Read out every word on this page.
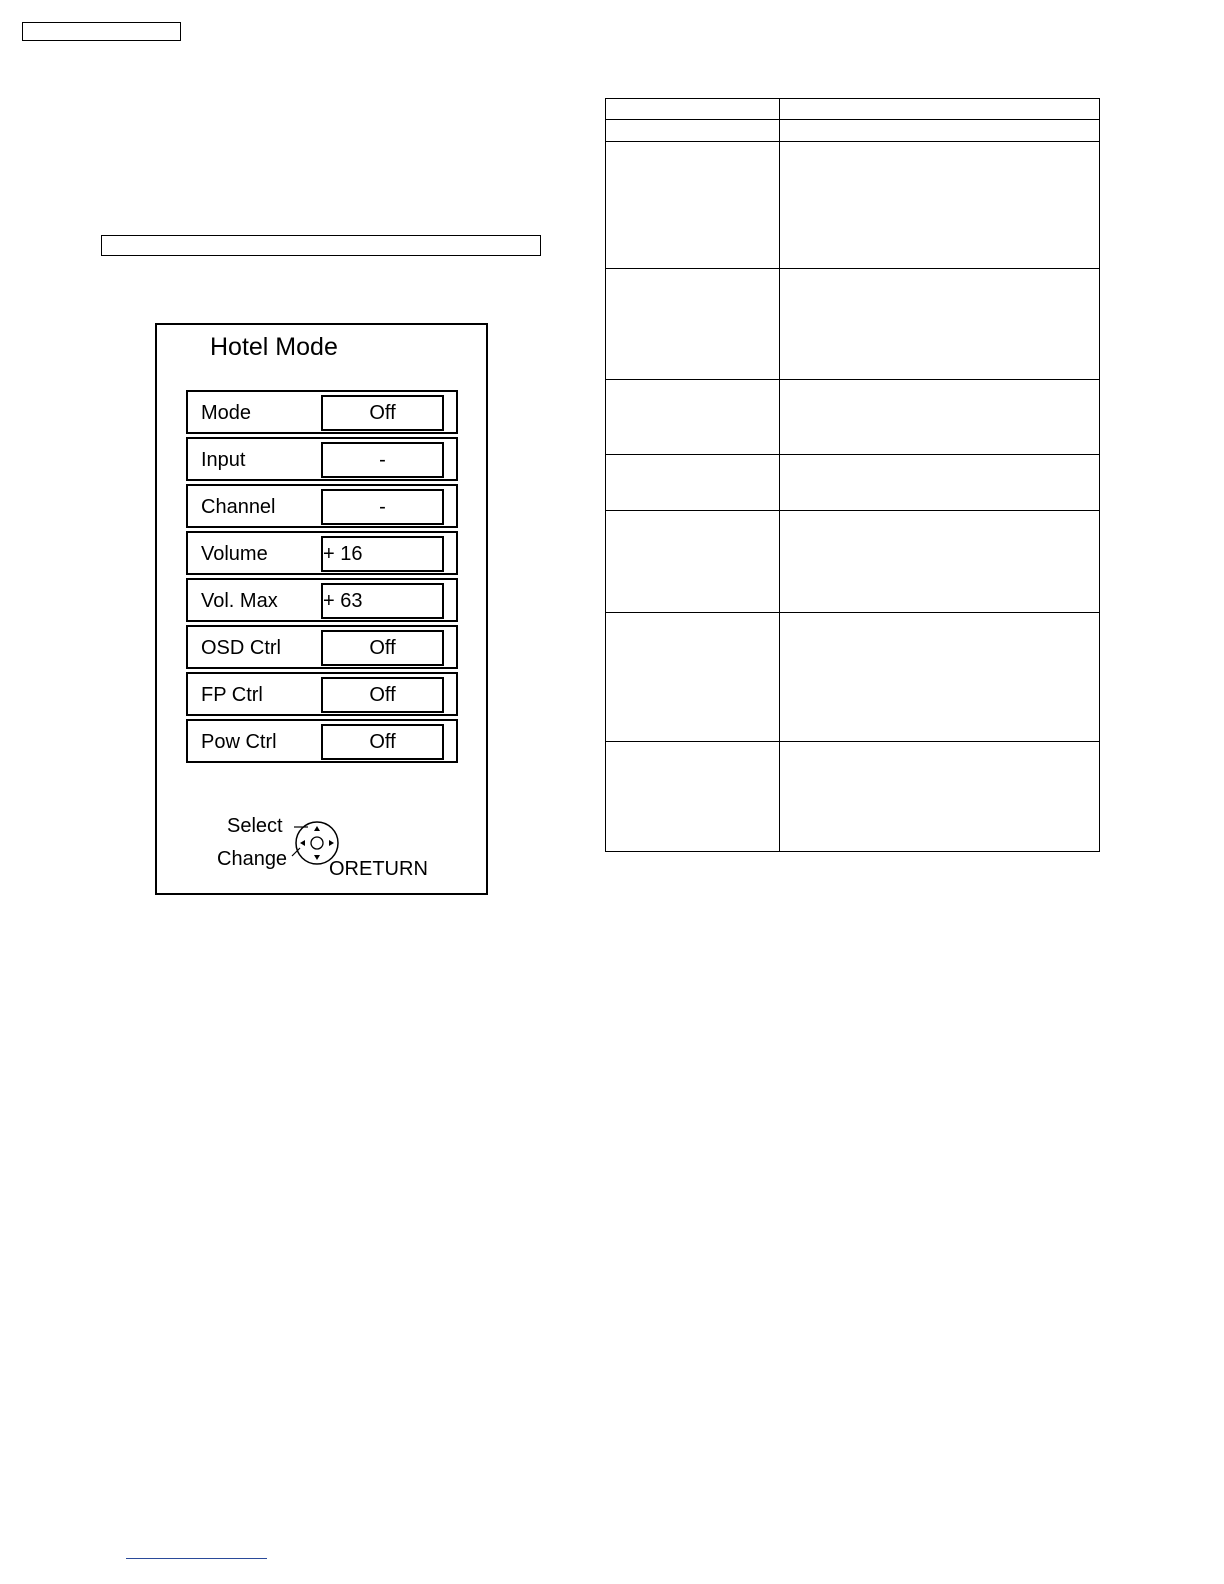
Hotel Mode
Mode	Off
Input	-
Channel	-
Volume	+ 16
Vol. Max + 63
OSD Ctrl	Off
FP Ctrl	Off
Pow Ctrl	Off
Select
Change ORETURN
